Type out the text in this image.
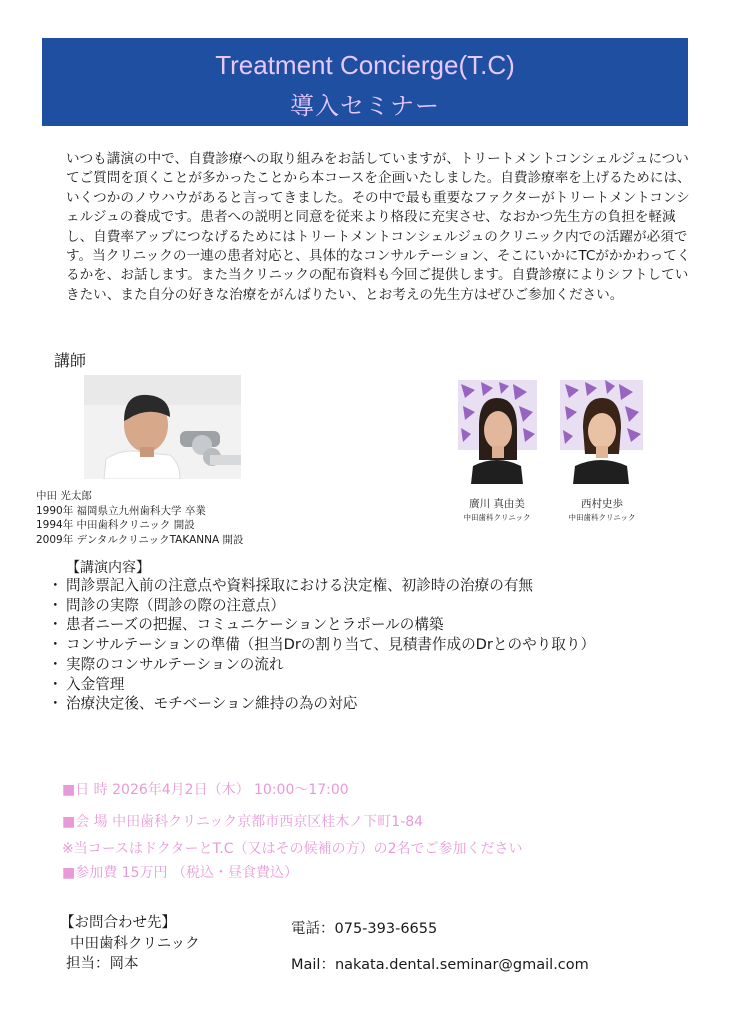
Treatment Concierge(T.C)
導入セミナー

いつも講演の中で、自費診療への取り組みをお話していますが、トリートメントコンシェルジュについてご質問を頂くことが多かったことから本コースを企画いたしました。自費診療率を上げるためには、いくつかのノウハウがあると言ってきました。その中で最も重要なファクターがトリートメントコンシェルジュの養成です。患者への説明と同意を従来より格段に充実させ、なおかつ先生方の負担を軽減し、自費率アップにつなげるためにはトリートメントコンシェルジュのクリニック内での活躍が必須です。当クリニックの一連の患者対応と、具体的なコンサルテーション、そこにいかにTCがかかわってくるかを、お話します。また当クリニックの配布資料も今回ご提供します。自費診療によりシフトしていきたい、また自分の好きな治療をがんばりたい、とお考えの先生方はぜひご参加ください。

講師
中田 光太郎
1990年 福岡県立九州歯科大学 卒業
1994年 中田歯科クリニック 開設
2009年 デンタルクリニックTAKANNA 開設
廣川 真由美
中田歯科クリニック
西村史歩
中田歯科クリニック
【講演内容】
・ 問診票記入前の注意点や資料採取における決定権、初診時の治療の有無
・ 問診の実際（問診の際の注意点）
・ 患者ニーズの把握、コミュニケーションとラポールの構築
・ コンサルテーションの準備（担当Drの割り当て、見積書作成のDrとのやり取り）
・ 実際のコンサルテーションの流れ
・ 入金管理
・ 治療決定後、モチベーション維持の為の対応
■日 時 2026年4月2日（木） 10:00〜17:00
■会 場 中田歯科クリニック京都市西京区桂木ノ下町1-84
※当コースはドクターとT.C（又はその候補の方）の2名でご参加ください
■参加費 15万円 （税込・昼食費込）
【お問合わせ先】
中田歯科クリニック
担当：岡本
電話：075-393-6655
Mail：nakata.dental.seminar@gmail.com
